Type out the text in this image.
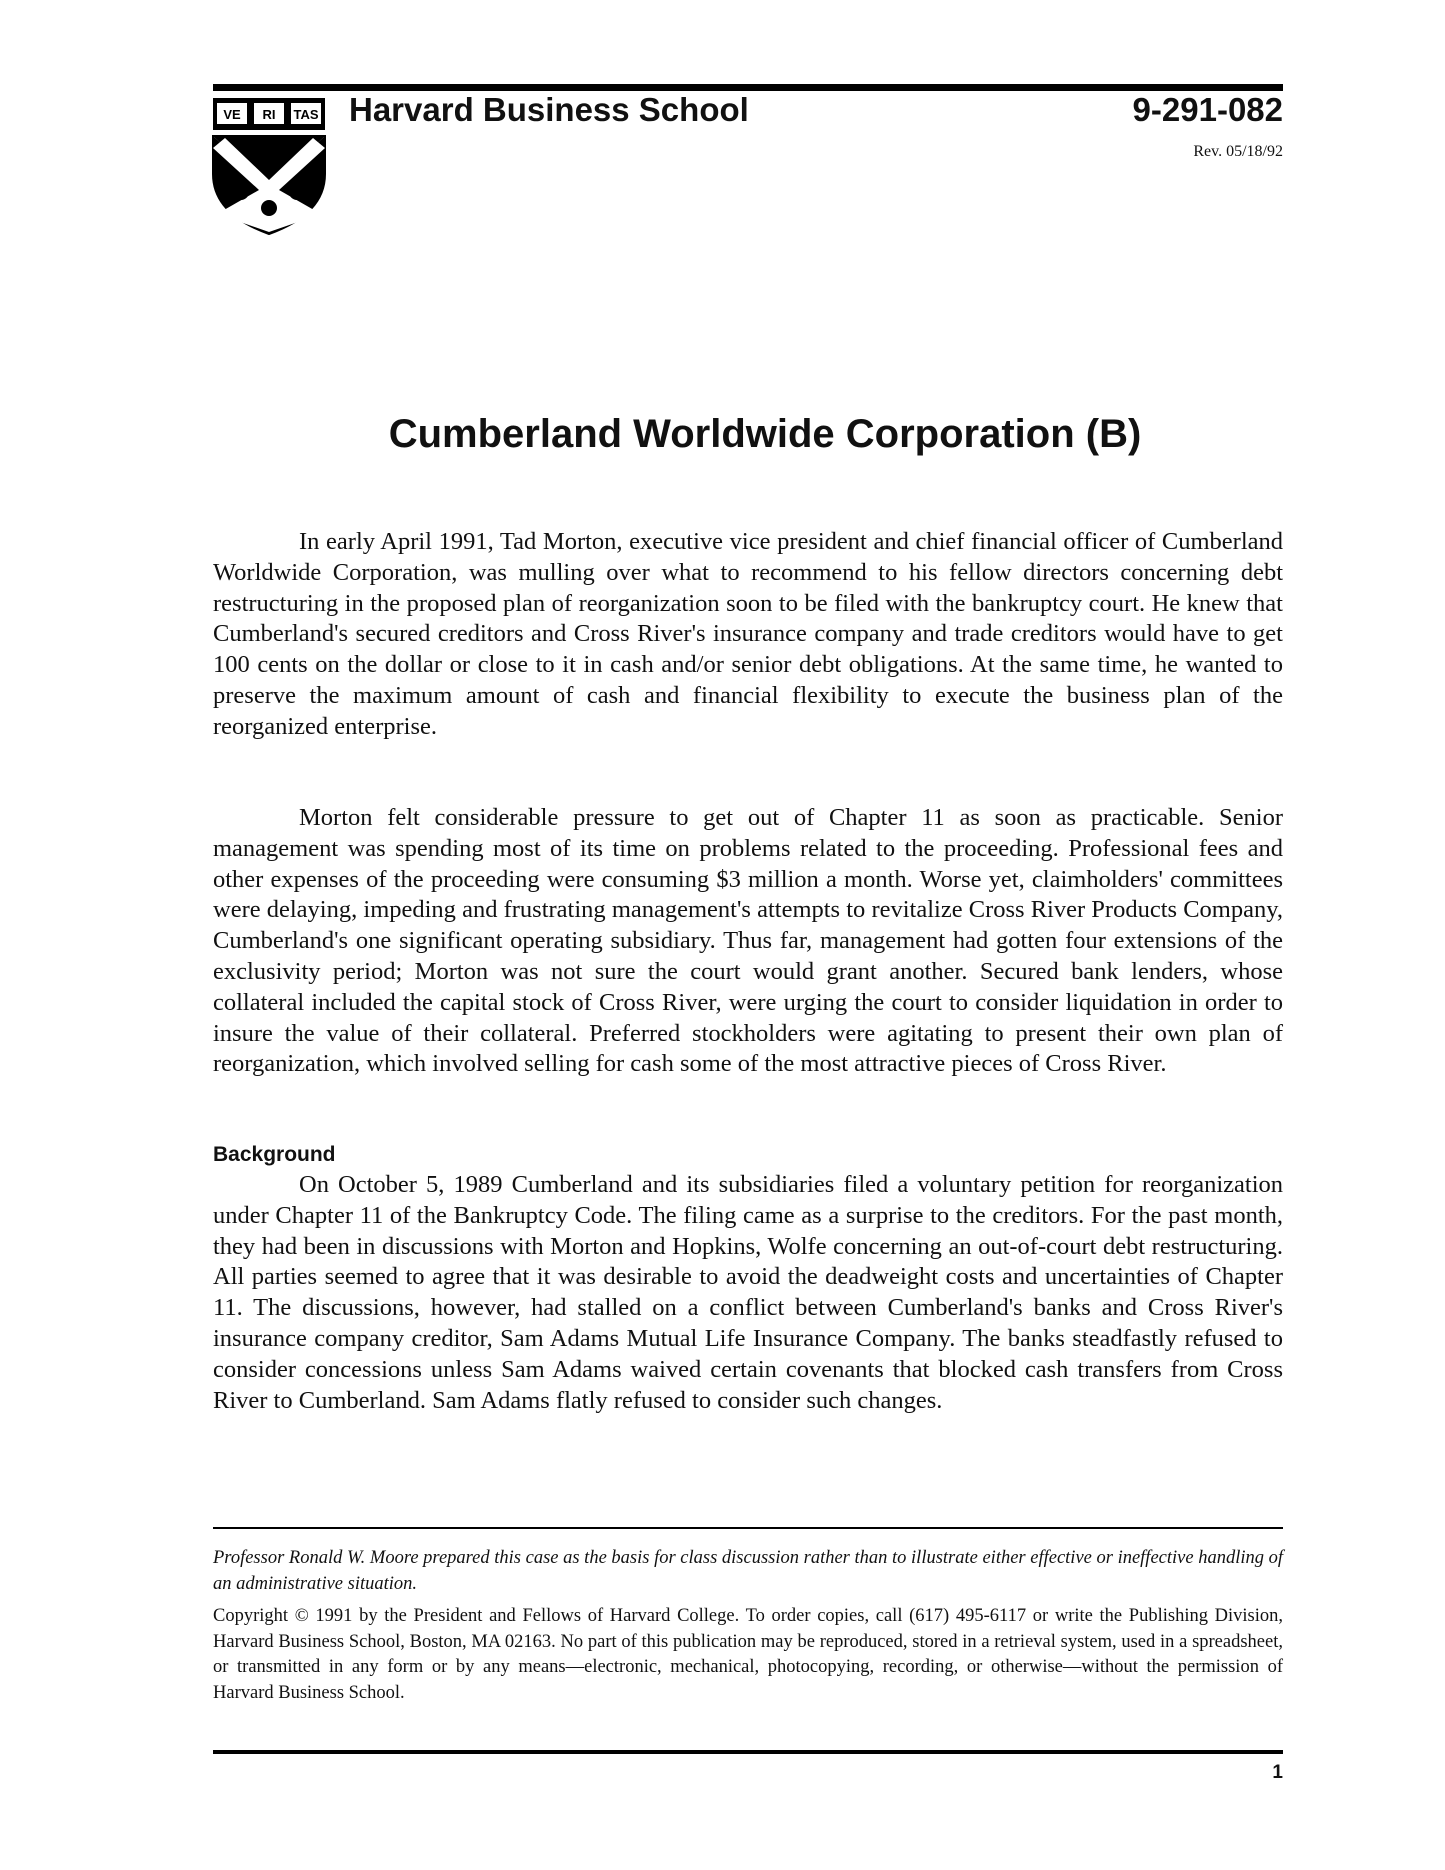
VE RI TAS Harvard Business School	9-291-082
Rev. 05/18/92
Cumberland Worldwide Corporation (B)

In early April 1991, Tad Morton, executive vice president and chief financial officer of Cumberland Worldwide Corporation, was mulling over what to recommend to his fellow directors concerning debt restructuring in the proposed plan of reorganization soon to be filed with the bankruptcy court. He knew that Cumberland's secured creditors and Cross River's insurance company and trade creditors would have to get 100 cents on the dollar or close to it in cash and/or senior debt obligations. At the same time, he wanted to preserve the maximum amount of cash and financial flexibility to execute the business plan of the reorganized enterprise.

Morton felt considerable pressure to get out of Chapter 11 as soon as practicable. Senior management was spending most of its time on problems related to the proceeding. Professional fees and other expenses of the proceeding were consuming $3 million a month. Worse yet, claimholders' committees were delaying, impeding and frustrating management's attempts to revitalize Cross River Products Company, Cumberland's one significant operating subsidiary. Thus far, management had gotten four extensions of the exclusivity period; Morton was not sure the court would grant another. Secured bank lenders, whose collateral included the capital stock of Cross River, were urging the court to consider liquidation in order to insure the value of their collateral. Preferred stockholders were agitating to present their own plan of reorganization, which involved selling for cash some of the most attractive pieces of Cross River.

Background

On October 5, 1989 Cumberland and its subsidiaries filed a voluntary petition for reorganization under Chapter 11 of the Bankruptcy Code. The filing came as a surprise to the creditors. For the past month, they had been in discussions with Morton and Hopkins, Wolfe concerning an out-of-court debt restructuring. All parties seemed to agree that it was desirable to avoid the deadweight costs and uncertainties of Chapter 11. The discussions, however, had stalled on a conflict between Cumberland's banks and Cross River's insurance company creditor, Sam Adams Mutual Life Insurance Company. The banks steadfastly refused to consider concessions unless Sam Adams waived certain covenants that blocked cash transfers from Cross River to Cumberland. Sam Adams flatly refused to consider such changes.

Professor Ronald W. Moore prepared this case as the basis for class discussion rather than to illustrate either effective or ineffective handling of an administrative situation.

Copyright © 1991 by the President and Fellows of Harvard College. To order copies, call (617) 495-6117 or write the Publishing Division, Harvard Business School, Boston, MA 02163. No part of this publication may be reproduced, stored in a retrieval system, used in a spreadsheet, or transmitted in any form or by any means—electronic, mechanical, photocopying, recording, or otherwise—without the permission of Harvard Business School.

1
